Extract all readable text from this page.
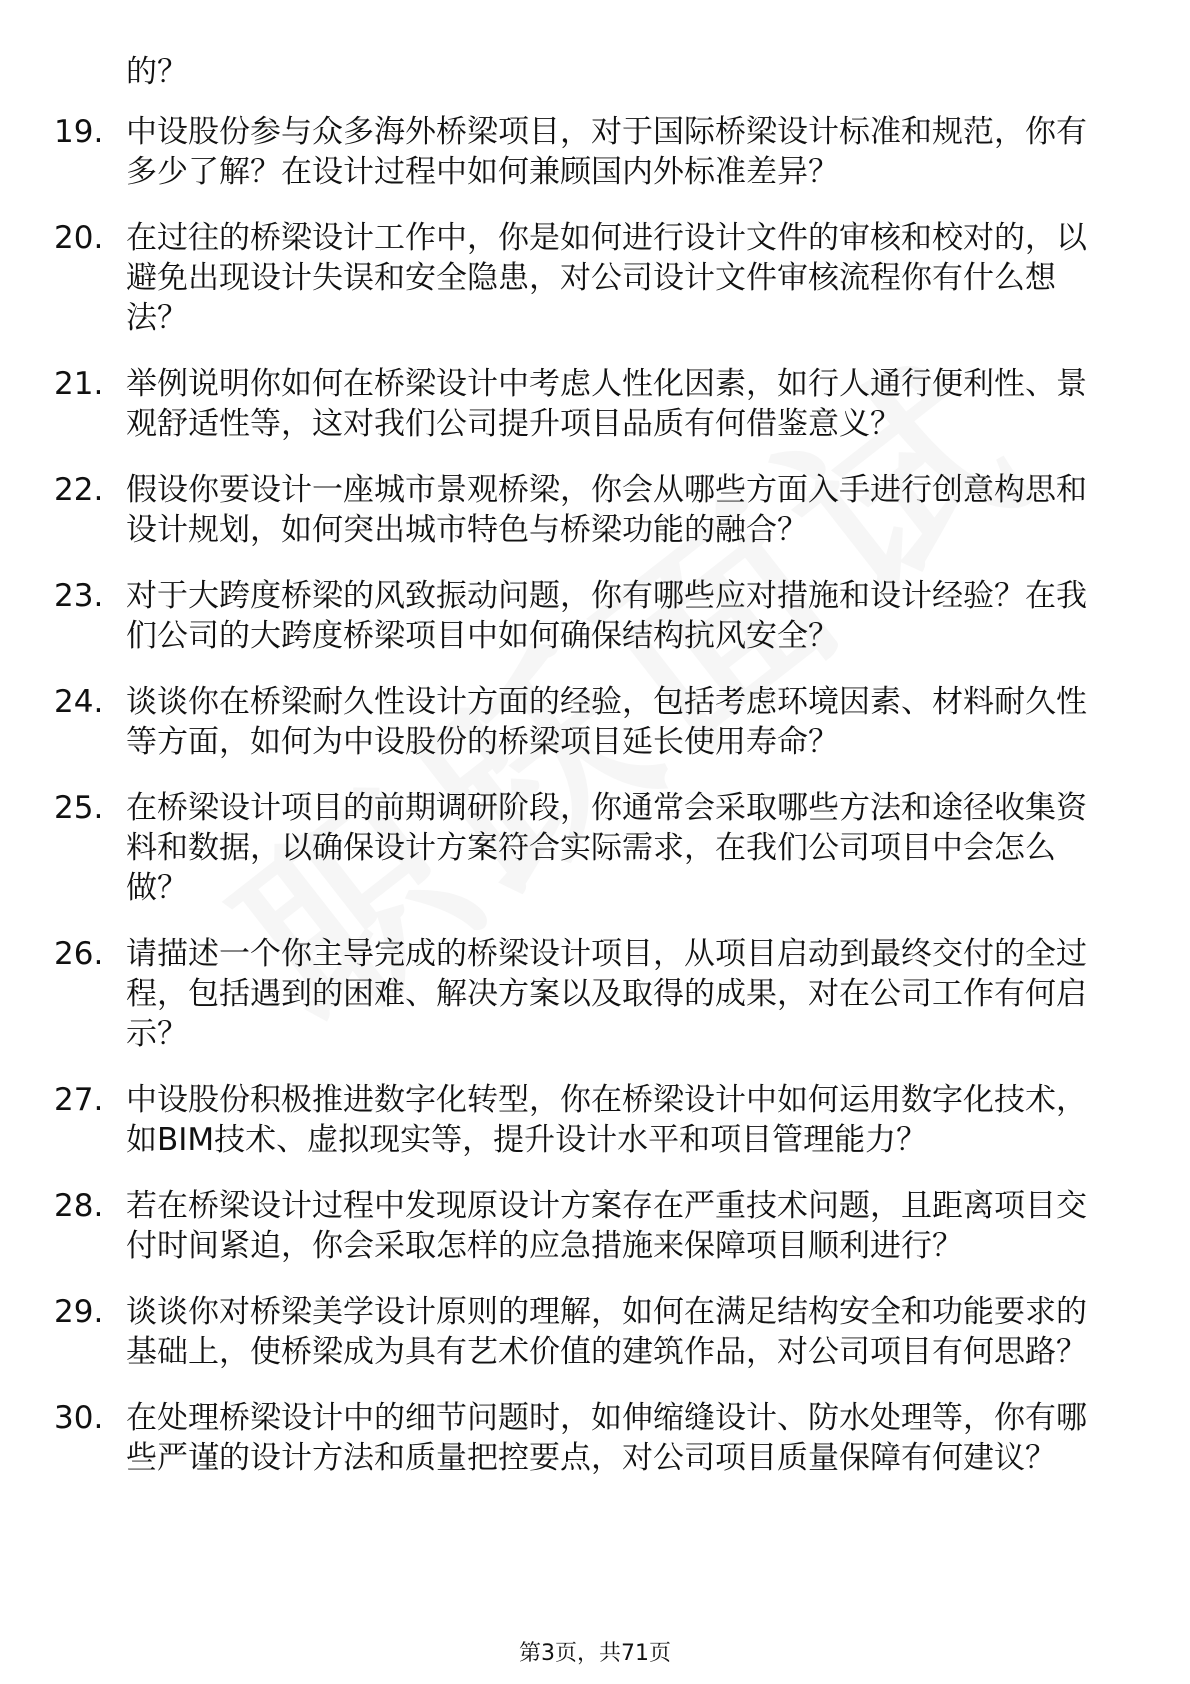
的？

19. 中设股份参与众多海外桥梁项目，对于国际桥梁设计标准和规范，你有多少了解？在设计过程中如何兼顾国内外标准差异？
20. 在过往的桥梁设计工作中，你是如何进行设计文件的审核和校对的，以避免出现设计失误和安全隐患，对公司设计文件审核流程你有什么想法？
21. 举例说明你如何在桥梁设计中考虑人性化因素，如行人通行便利性、景观舒适性等，这对我们公司提升项目品质有何借鉴意义？
22. 假设你要设计一座城市景观桥梁，你会从哪些方面入手进行创意构思和设计规划，如何突出城市特色与桥梁功能的融合？
23. 对于大跨度桥梁的风致振动问题，你有哪些应对措施和设计经验？在我们公司的大跨度桥梁项目中如何确保结构抗风安全？
24. 谈谈你在桥梁耐久性设计方面的经验，包括考虑环境因素、材料耐久性等方面，如何为中设股份的桥梁项目延长使用寿命？
25. 在桥梁设计项目的前期调研阶段，你通常会采取哪些方法和途径收集资料和数据，以确保设计方案符合实际需求，在我们公司项目中会怎么做？
26. 请描述一个你主导完成的桥梁设计项目，从项目启动到最终交付的全过程，包括遇到的困难、解决方案以及取得的成果，对在公司工作有何启示？
27. 中设股份积极推进数字化转型，你在桥梁设计中如何运用数字化技术，如BIM技术、虚拟现实等，提升设计水平和项目管理能力？
28. 若在桥梁设计过程中发现原设计方案存在严重技术问题，且距离项目交付时间紧迫，你会采取怎样的应急措施来保障项目顺利进行？
29. 谈谈你对桥梁美学设计原则的理解，如何在满足结构安全和功能要求的基础上，使桥梁成为具有艺术价值的建筑作品，对公司项目有何思路？
30. 在处理桥梁设计中的细节问题时，如伸缩缝设计、防水处理等，你有哪些严谨的设计方法和质量把控要点，对公司项目质量保障有何建议？
第3页，共71页
